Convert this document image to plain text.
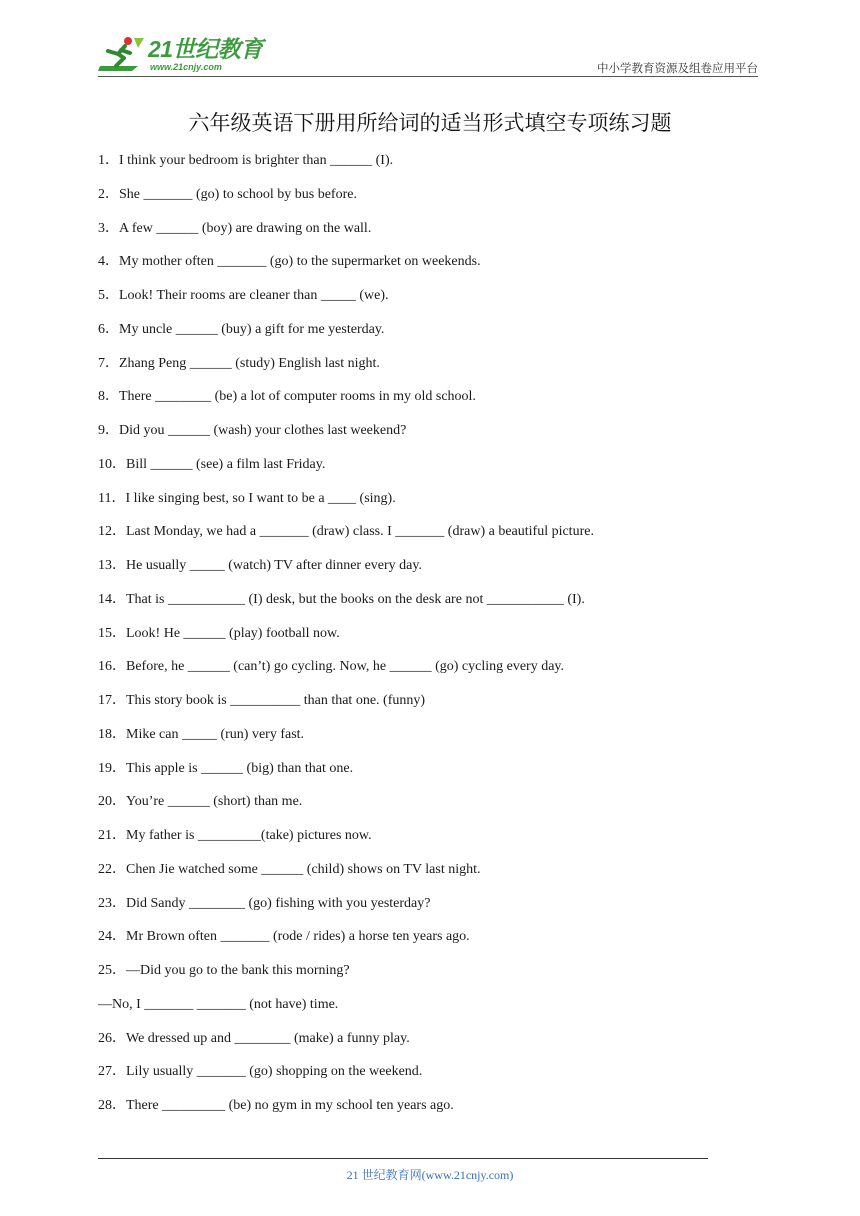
21世纪教育
www.21cnjy.com	中小学教育资源及组卷应用平台
六年级英语下册用所给词的适当形式填空专项练习题
1．I think your bedroom is brighter than ______ (I).
2．She _______ (go) to school by bus before.
3．A few ______ (boy) are drawing on the wall.
4．My mother often _______ (go) to the supermarket on weekends.
5．Look! Their rooms are cleaner than _____ (we).
6．My uncle ______ (buy) a gift for me yesterday.
7．Zhang Peng ______ (study) English last night.
8．There ________ (be) a lot of computer rooms in my old school.
9．Did you ______ (wash) your clothes last weekend?
10．Bill ______ (see) a film last Friday.
11．I like singing best, so I want to be a ____ (sing).
12．Last Monday, we had a _______ (draw) class. I _______ (draw) a beautiful picture.
13．He usually _____ (watch) TV after dinner every day.
14．That is ___________ (I) desk, but the books on the desk are not ___________ (I).
15．Look! He ______ (play) football now.
16．Before, he ______ (can’t) go cycling. Now, he ______ (go) cycling every day.
17．This story book is __________ than that one. (funny)
18．Mike can _____ (run) very fast.
19．This apple is ______ (big) than that one.
20．You’re ______ (short) than me.
21．My father is _________(take) pictures now.
22．Chen Jie watched some ______ (child) shows on TV last night.
23．Did Sandy ________ (go) fishing with you yesterday?
24．Mr Brown often _______ (rode / rides) a horse ten years ago.
25．—Did you go to the bank this morning?
—No, I _______ _______ (not have) time.
26．We dressed up and ________ (make) a funny play.
27．Lily usually _______ (go) shopping on the weekend.
28．There _________ (be) no gym in my school ten years ago.
21 世纪教育网(www.21cnjy.com)
